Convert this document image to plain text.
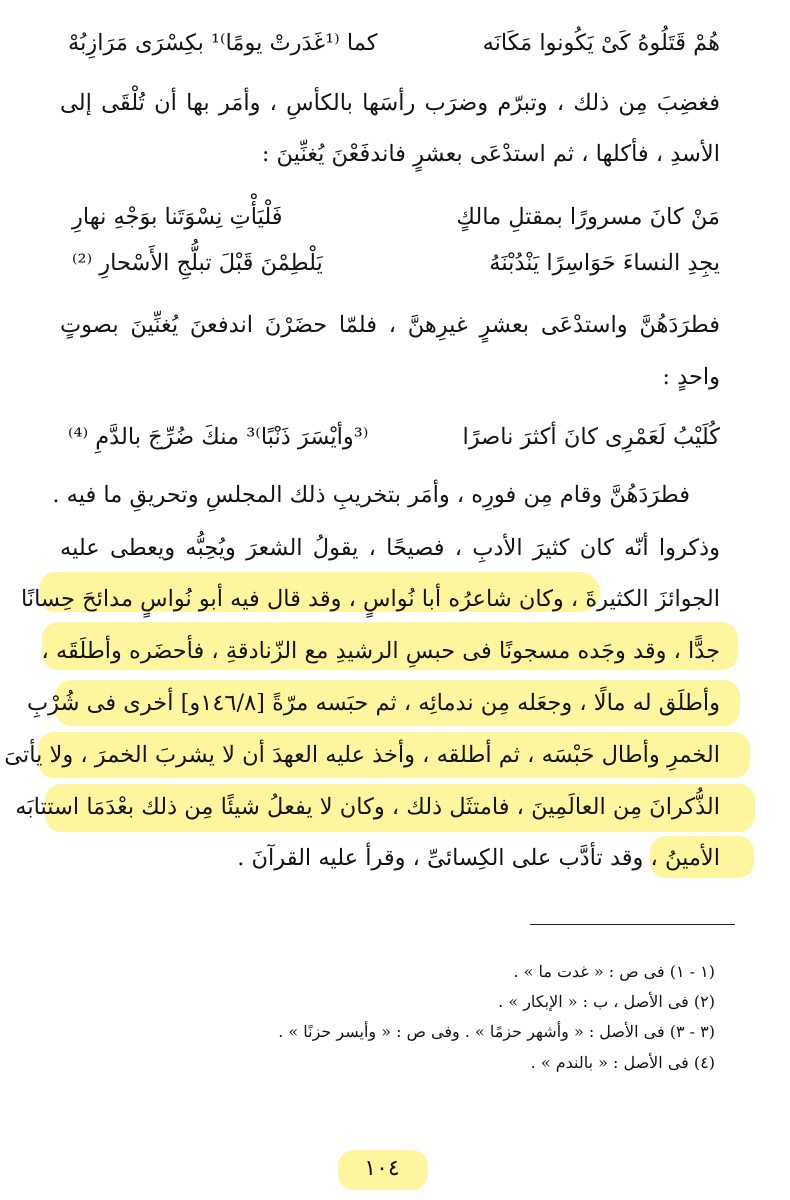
هُمْ قَتَلُوهُ كَىْ يَكُونوا مَكَانَه
كما ⁽¹غَدَرتْ يومًا⁾¹ بكِسْرَى مَرَازِبُهْ
فغضِبَ مِن ذلك ، وتبرّم وضرَب رأسَها بالكأسِ ، وأمَر بها أن تُلْقَى إلى
الأسدِ ، فأكلها ، ثم استدْعَى بعشرٍ فاندفَعْنَ يُغنِّينَ :
مَنْ كانَ مسرورًا بمقتلِ مالكٍ
فَلْيَأْتِ نِسْوَتَنا بوَجْهِ نهارِ
يجِدِ النساءَ حَوَاسِرًا يَنْدُبْنَهُ
يَلْطِمْنَ قَبْلَ تبلُّجِ الأَسْحارِ ⁽²⁾
فطرَدَهُنَّ واستدْعَى بعشرٍ غيرِهنَّ ، فلمّا حضَرْنَ اندفعنَ يُغنِّينَ بصوتٍ
واحدٍ :
كُلَيْبُ لَعَمْرِى كانَ أكثرَ ناصرًا
⁽³وأيْسَرَ ذَنْبًا⁾³ منكَ ضُرِّجَ بالدَّمِ ⁽⁴⁾
فطرَدَهُنَّ وقام مِن فورِه ، وأمَر بتخريبِ ذلك المجلسِ وتحريقِ ما فيه .
وذكروا أنّه كان كثيرَ الأدبِ ، فصيحًا ، يقولُ الشعرَ ويُحِبُّه ويعطى عليه
الجوائزَ الكثيرةَ ، وكان شاعرُه أبا نُواسٍ ، وقد قال فيه أبو نُواسٍ مدائحَ حِسانًا
جدًّا ، وقد وجَده مسجونًا فى حبسِ الرشيدِ مع الزّنادقةِ ، فأحضَره وأطلَقَه ،
وأطلَق له مالًا ، وجعَله مِن ندمائِه ، ثم حبَسه مرّةً [١٤٦/٨و] أخرى فى شُرْبِ
الخمرِ وأطال حَبْسَه ، ثم أطلقه ، وأخذ عليه العهدَ أن لا يشربَ الخمرَ ، ولا يأتىَ
الذُّكرانَ مِن العالَمِينَ ، فامتثَل ذلك ، وكان لا يفعلُ شيئًا مِن ذلك بعْدَمَا استتابَه
الأمينُ ، وقد تأدَّب على الكِسائىِّ ، وقرأ عليه القرآنَ .
(١ - ١) فى ص : « غدت ما » .
(٢) فى الأصل ، ب : « الإبكار » .
(٣ - ٣) فى الأصل : « وأشهر حزمًا » . وفى ص : « وأيسر حزنًا » .
(٤) فى الأصل : « بالندم » .
١٠٤
